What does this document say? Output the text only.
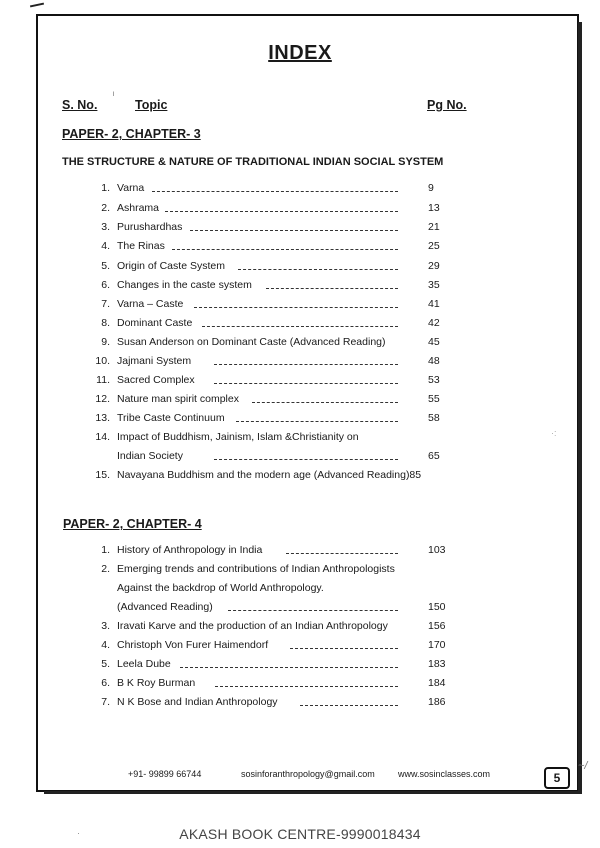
INDEX
S. No.
ˡ
Topic	Pg No.
PAPER- 2, CHAPTER- 3
THE STRUCTURE & NATURE OF TRADITIONAL INDIAN SOCIAL SYSTEM
1. Varna	9
2. Ashrama	13
3. Purushardhas	21
4. The Rinas	25
5. Origin of Caste System	29
6. Changes in the caste system	35
7. Varna – Caste	41
8. Dominant Caste	42
9. Susan Anderson on Dominant Caste (Advanced Reading)	45
10. Jajmani System	48
11. Sacred Complex	53
12. Nature man spirit complex	55
13. Tribe Caste Continuum	58
14. Impact of Buddhism, Jainism, Islam &Christianity on
Indian Society	65
15. Navayana Buddhism and the modern age (Advanced Reading)85
PAPER- 2, CHAPTER- 4
1. History of Anthropology in India	103
2. Emerging trends and contributions of Indian Anthropologists
Against the backdrop of World Anthropology.
(Advanced Reading)	150
3. Iravati Karve and the production of an Indian Anthropology	156
4. Christoph Von Furer Haimendorf	170
5. Leela Dube	183
6. B K Roy Burman	184
7. N K Bose and Indian Anthropology	186
+91- 99899 66744	sosinforanthropology@gmail.com	www.sosinclasses.com	5
~/
·:
·	AKASH BOOK CENTRE-9990018434
